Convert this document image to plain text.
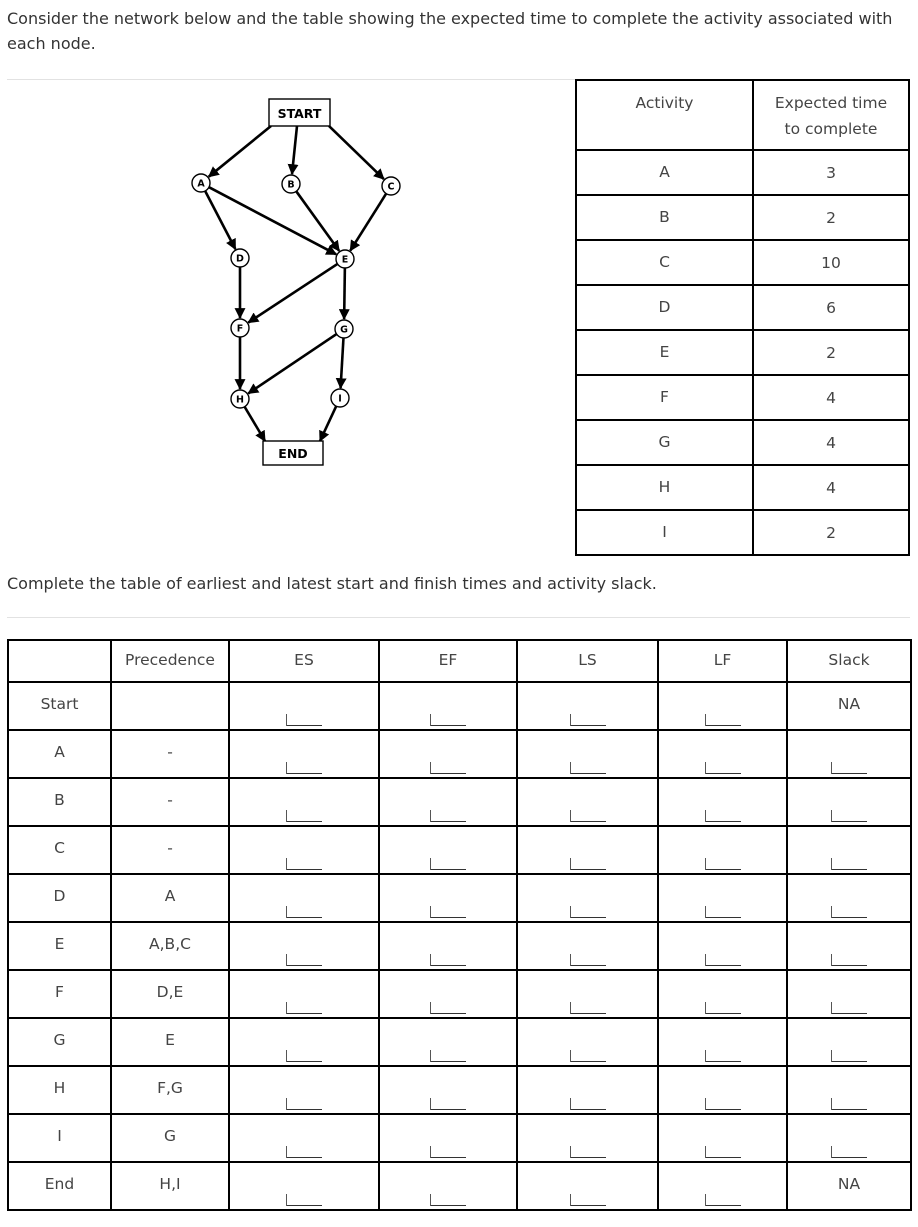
Consider the network below and the table showing the expected time to complete the activity associated with each node.

START
END
A	B	C
D	E
F	G
H	I
Activity	Expected time
to complete
A	3
B	2
C	10
D	6
E	2
F	4
G	4
H	4
I	2

Complete the table of earliest and latest start and finish times and activity slack.

	Precedence	ES	EF	LS	LF	Slack
Start						NA

A	-	

B	-	

C	-	

D	A	

E	A,B,C	

F	D,E	

G	E	

H	F,G	

I	G	

End	H,I					NA
